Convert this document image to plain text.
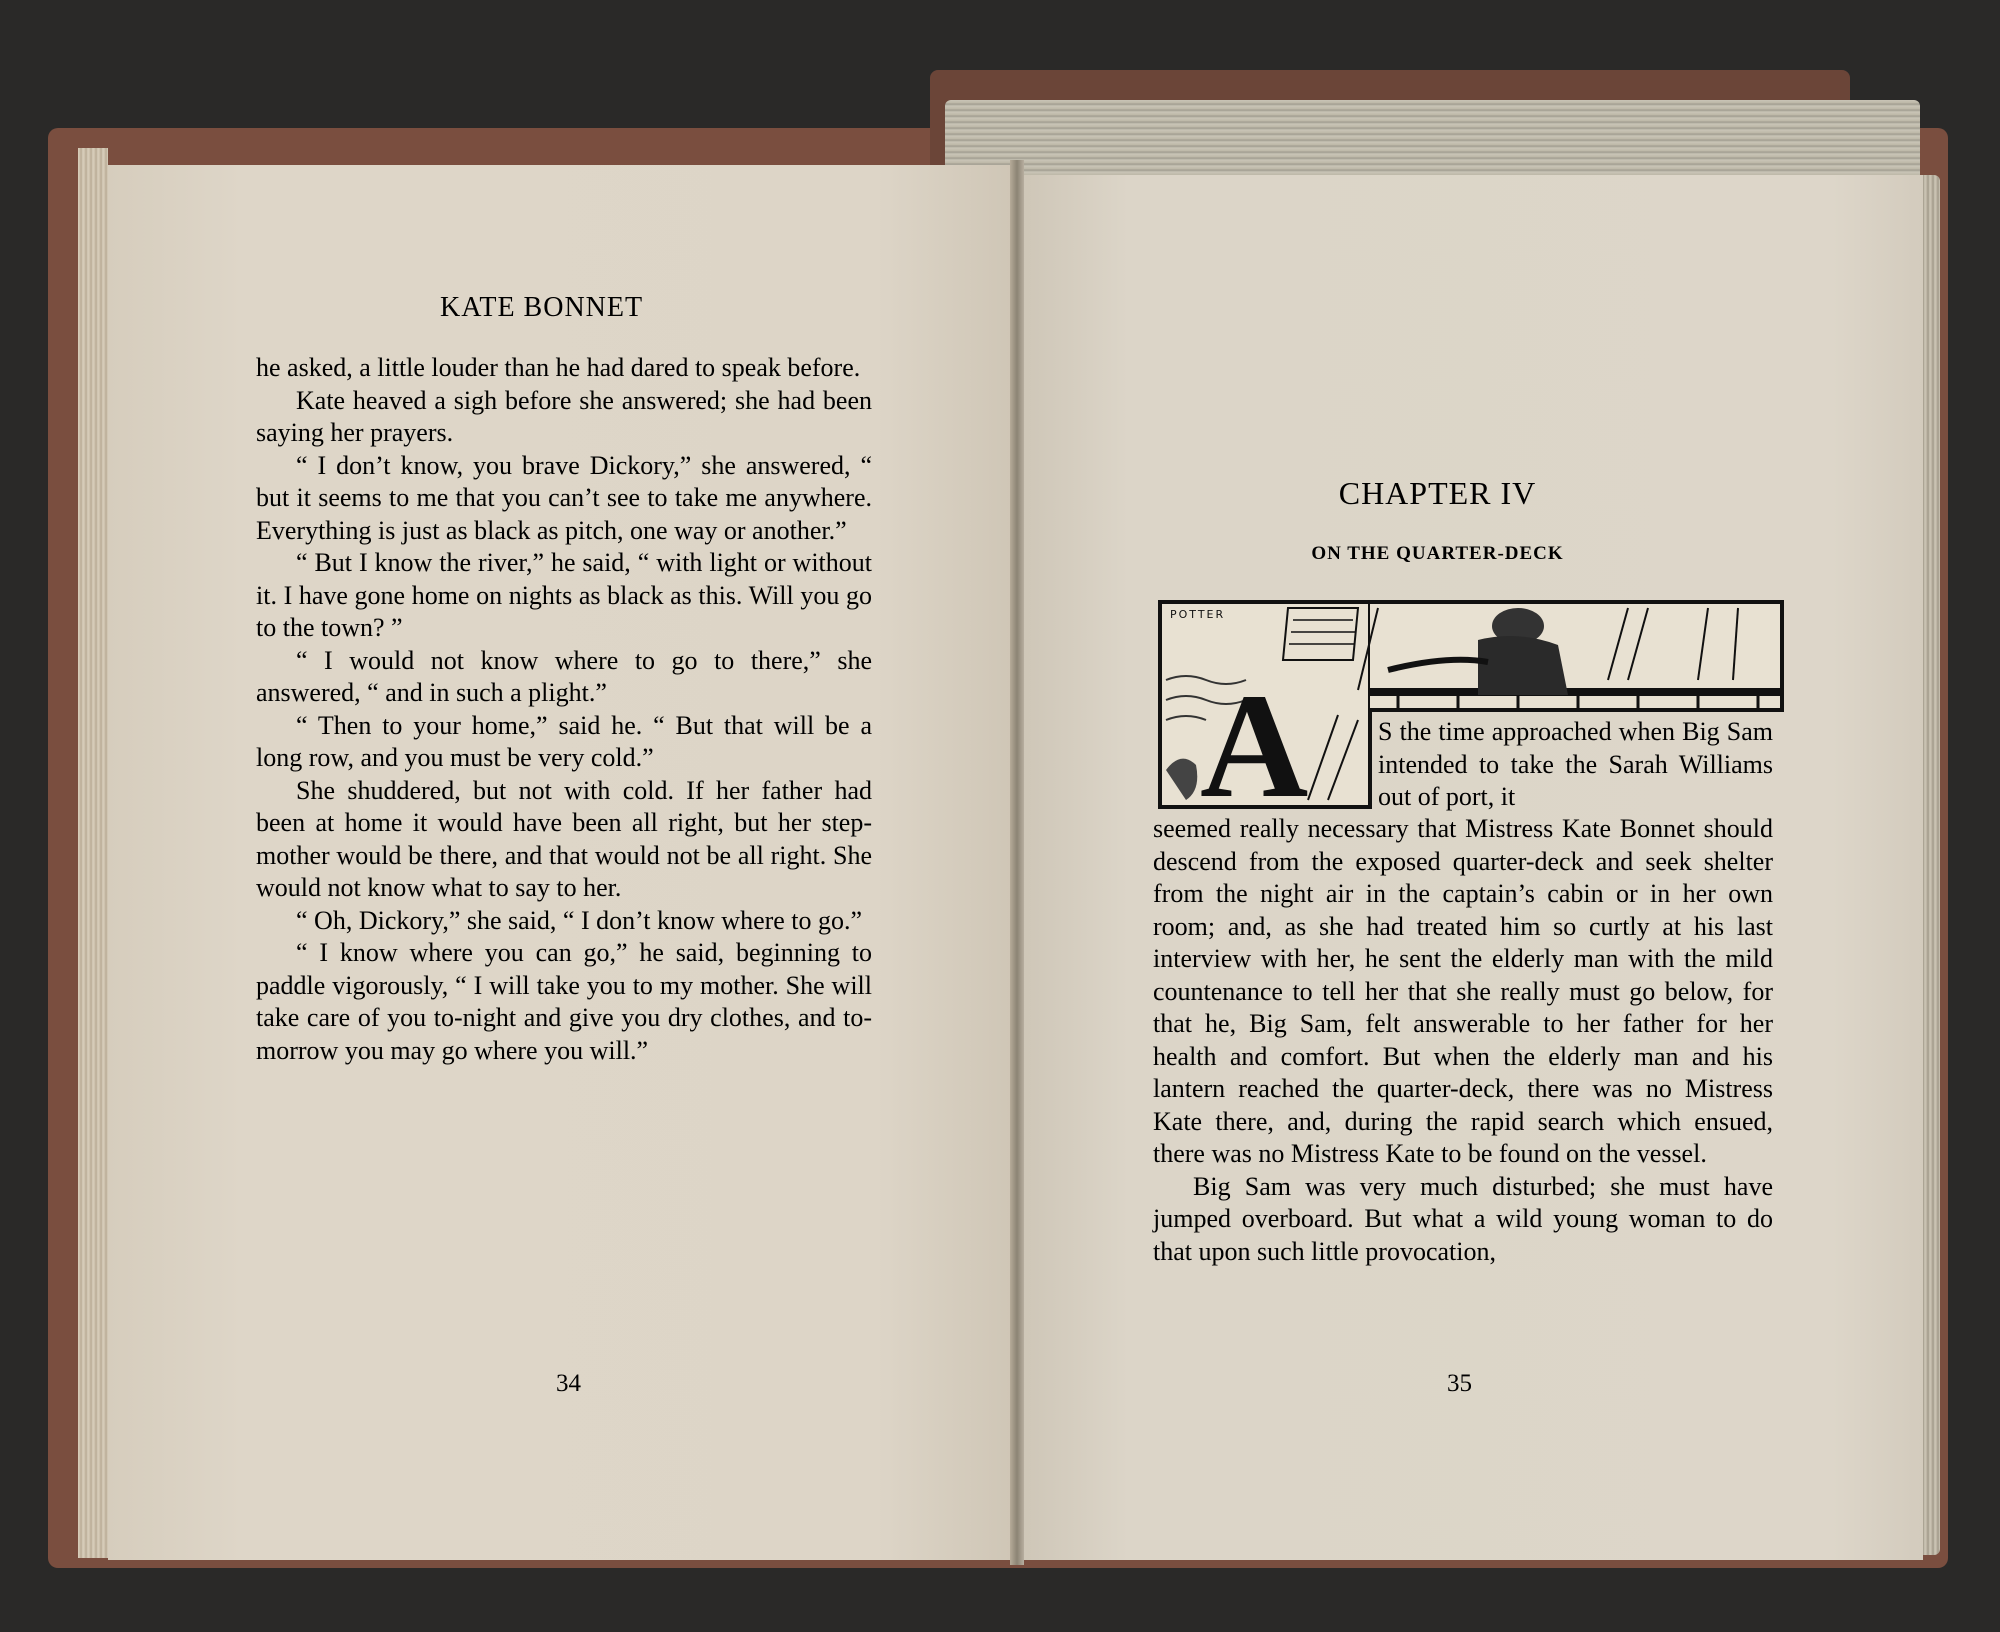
KATE BONNET

he asked, a little louder than he had dared to speak before.

Kate heaved a sigh before she answered; she had been saying her prayers.

“ I don’t know, you brave Dickory,” she answered, “ but it seems to me that you can’t see to take me anywhere. Everything is just as black as pitch, one way or another.”

“ But I know the river,” he said, “ with light or without it. I have gone home on nights as black as this. Will you go to the town? ”

“ I would not know where to go to there,” she answered, “ and in such a plight.”

“ Then to your home,” said he. “ But that will be a long row, and you must be very cold.”

She shuddered, but not with cold. If her father had been at home it would have been all right, but her step-mother would be there, and that would not be all right. She would not know what to say to her.

“ Oh, Dickory,” she said, “ I don’t know where to go.”

“ I know where you can go,” he said, beginning to paddle vigorously, “ I will take you to my mother. She will take care of you to-night and give you dry clothes, and to-morrow you may go where you will.”

34
CHAPTER IV
ON THE QUARTER-DECK
POTTER
A	S the time approached when Big Sam intended to take the Sarah Williams out of port, it

seemed really necessary that Mistress Kate Bonnet should descend from the exposed quarter-deck and seek shelter from the night air in the captain’s cabin or in her own room; and, as she had treated him so curtly at his last interview with her, he sent the elderly man with the mild countenance to tell her that she really must go below, for that he, Big Sam, felt answerable to her father for her health and comfort. But when the elderly man and his lantern reached the quarter-deck, there was no Mistress Kate there, and, during the rapid search which ensued, there was no Mistress Kate to be found on the vessel.

Big Sam was very much disturbed; she must have jumped overboard. But what a wild young woman to do that upon such little provocation,

35
